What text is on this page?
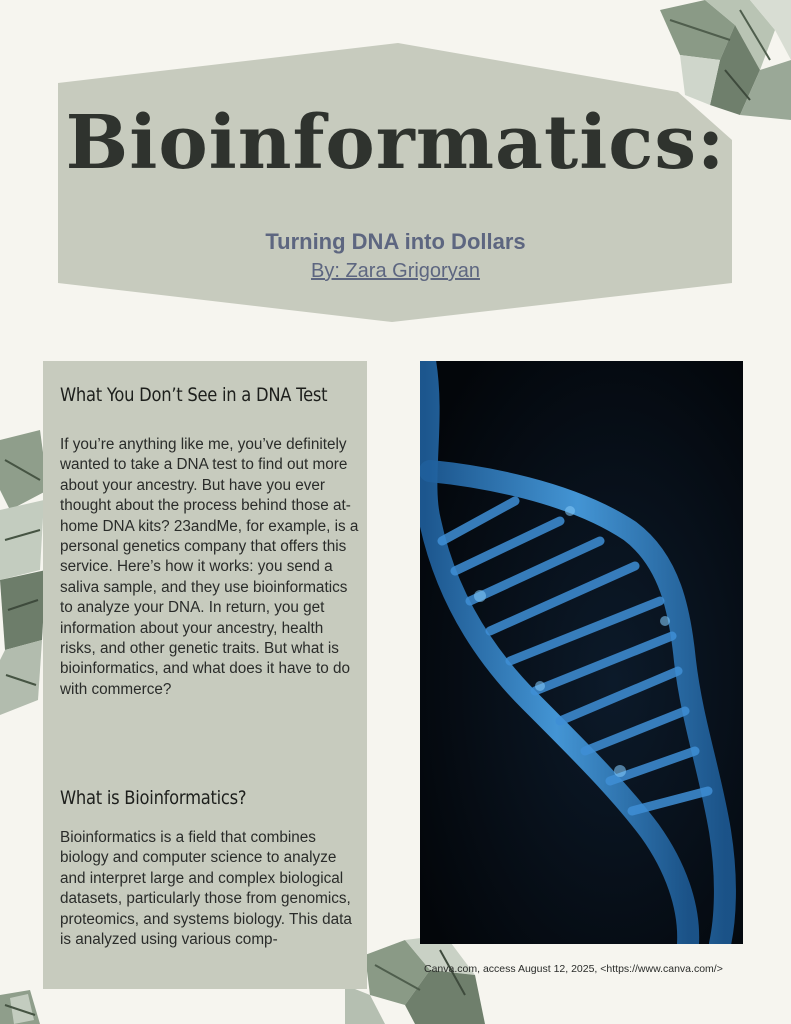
Bioinformatics:
Turning DNA into Dollars
By: Zara Grigoryan
What You Don’t See in a DNA Test

If you’re anything like me, you’ve definitely wanted to take a DNA test to find out more about your ancestry. But have you ever thought about the process behind those at-home DNA kits? 23andMe, for example, is a personal genetics company that offers this service. Here’s how it works: you send a saliva sample, and they use bioinformatics to analyze your DNA. In return, you get information about your ancestry, health risks, and other genetic traits. But what is bioinformatics, and what does it have to do with commerce?

What is Bioinformatics?

Bioinformatics is a field that combines biology and computer science to analyze and interpret large and complex biological datasets, particularly those from genomics, proteomics, and systems biology. This data is analyzed using various comp-

Canva.com, access August 12, 2025, <https://www.canva.com/>
